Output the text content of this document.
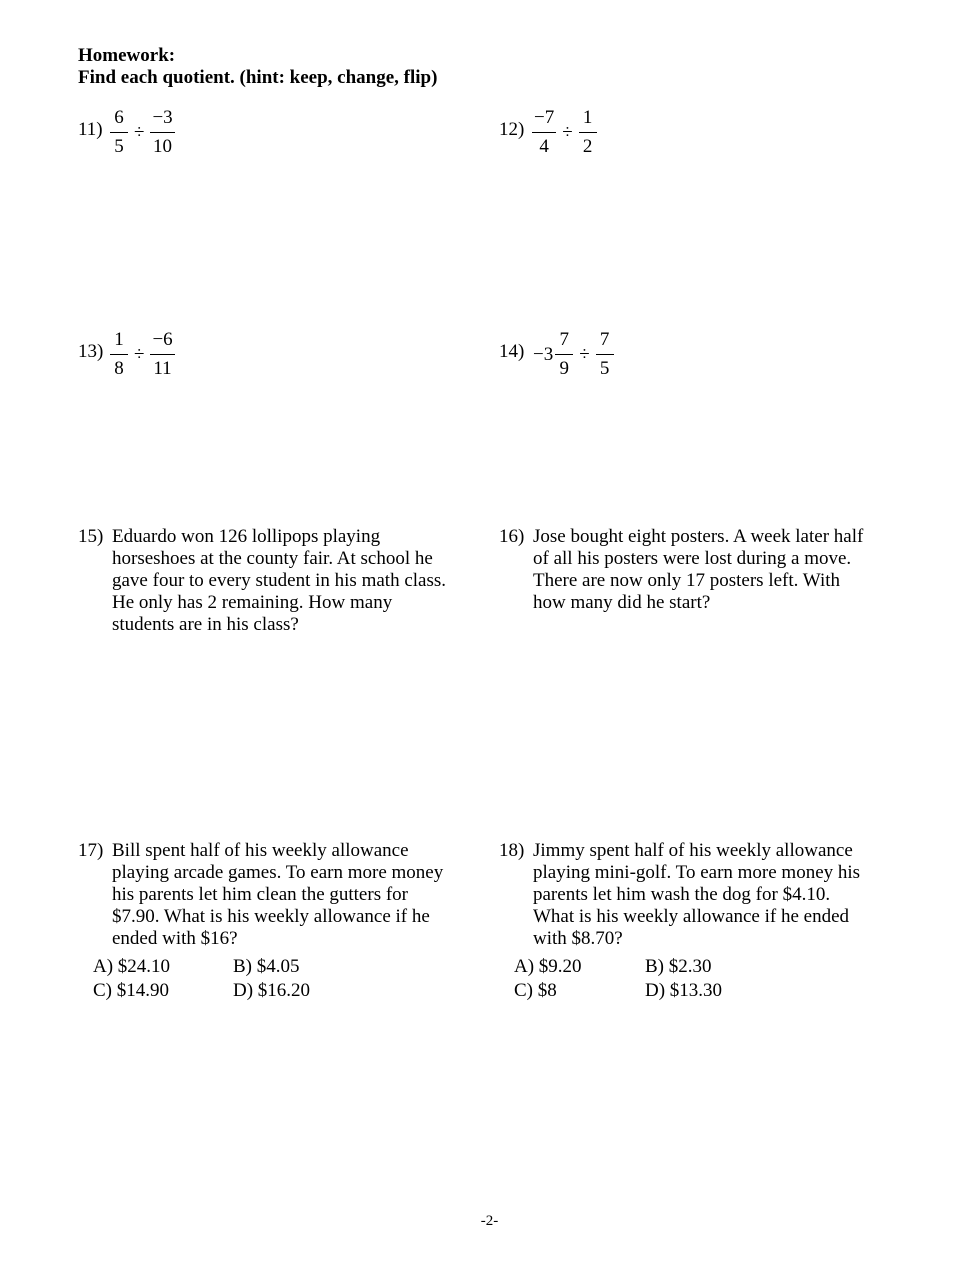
Homework:
Find each quotient. (hint: keep, change, flip)
$11) \frac{6}{5} \div \frac{-3}{10}$	$12) \frac{-7}{4} \div \frac{1}{2}$
$13) \frac{1}{8} \div \frac{-6}{11}$	$14) -3 \frac{7}{9} \div \frac{7}{5}$
15) Eduardo won 126 lollipops playing horseshoes at the county fair. At school he gave four to every student in his math class. He only has 2 remaining. How many students are in his class?
16) Jose bought eight posters. A week later half of all his posters were lost during a move. There are now only 17 posters left. With how many did he start?
17) Bill spent half of his weekly allowance playing arcade games. To earn more money his parents let him clean the gutters for $7.90. What is his weekly allowance if he ended with $16?
A) $24.10	B) $4.05
C) $14.90	D) $16.20
18) Jimmy spent half of his weekly allowance playing mini-golf. To earn more money his parents let him wash the dog for $4.10. What is his weekly allowance if he ended with $8.70?
A) $9.20	B) $2.30
C) $8	D) $13.30
-2-
